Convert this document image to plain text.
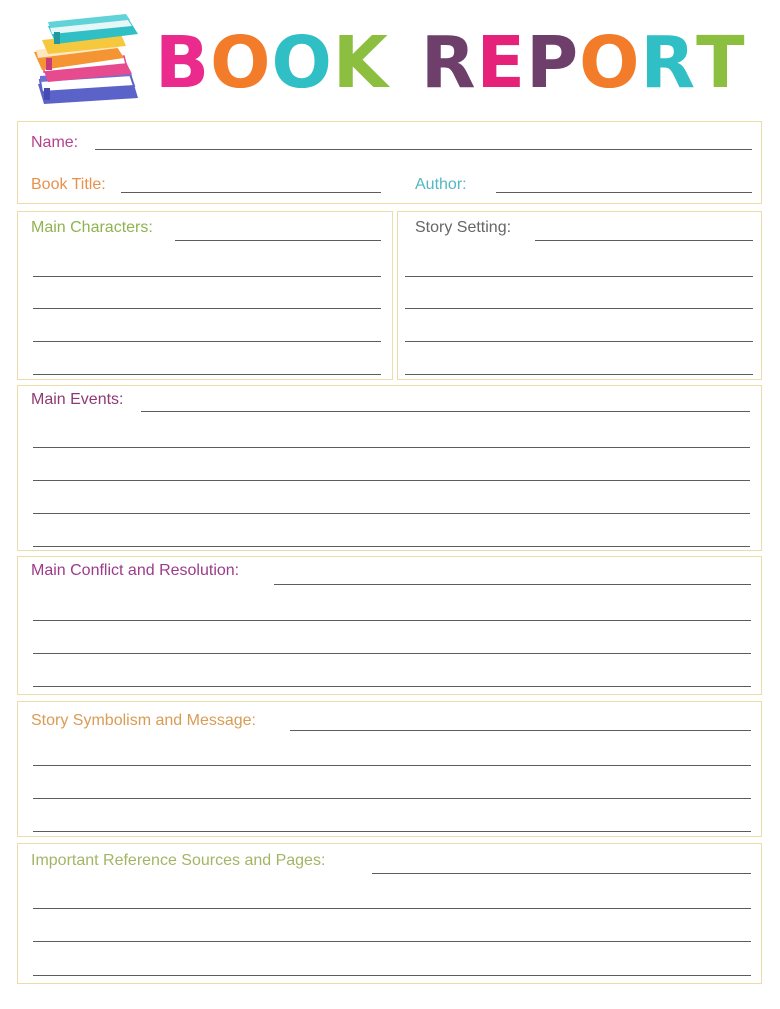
B O O K R E P O R T
Name:
Book Title:	Author:
Main Characters:	Story Setting:
Main Events:
Main Conflict and Resolution:
Story Symbolism and Message:
Important Reference Sources and Pages:
